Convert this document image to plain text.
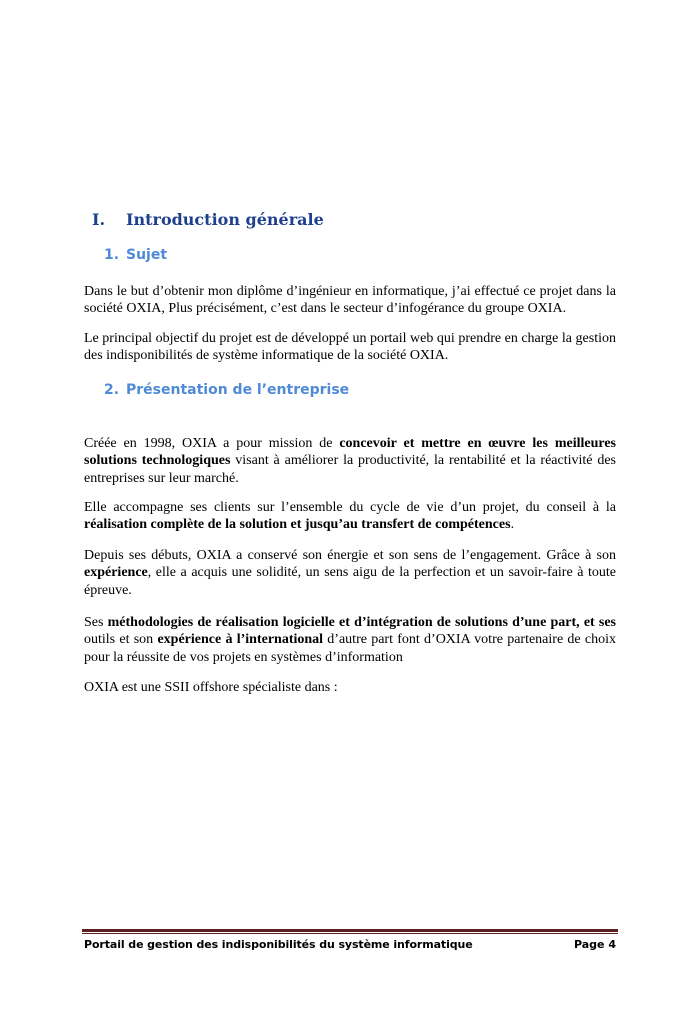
I. Introduction générale
1. Sujet
Dans le but d’obtenir mon diplôme d’ingénieur en informatique, j’ai effectué ce projet dans la société OXIA, Plus précisément, c’est dans le secteur d’infogérance du groupe OXIA.
Le principal objectif du projet est de développé un portail web qui prendre en charge la gestion des indisponibilités de système informatique de la société OXIA.
2. Présentation de l’entreprise
Créée en 1998, OXIA a pour mission de concevoir et mettre en œuvre les meilleures solutions technologiques visant à améliorer la productivité, la rentabilité et la réactivité des entreprises sur leur marché.
Elle accompagne ses clients sur l’ensemble du cycle de vie d’un projet, du conseil à la réalisation complète de la solution et jusqu’au transfert de compétences.
Depuis ses débuts, OXIA a conservé son énergie et son sens de l’engagement. Grâce à son expérience, elle a acquis une solidité, un sens aigu de la perfection et un savoir-faire à toute épreuve.
Ses méthodologies de réalisation logicielle et d’intégration de solutions d’une part, et ses outils et son expérience à l’international d’autre part font d’OXIA votre partenaire de choix pour la réussite de vos projets en systèmes d’information
OXIA est une SSII offshore spécialiste dans :
Portail de gestion des indisponibilités du système informatique	Page 4
